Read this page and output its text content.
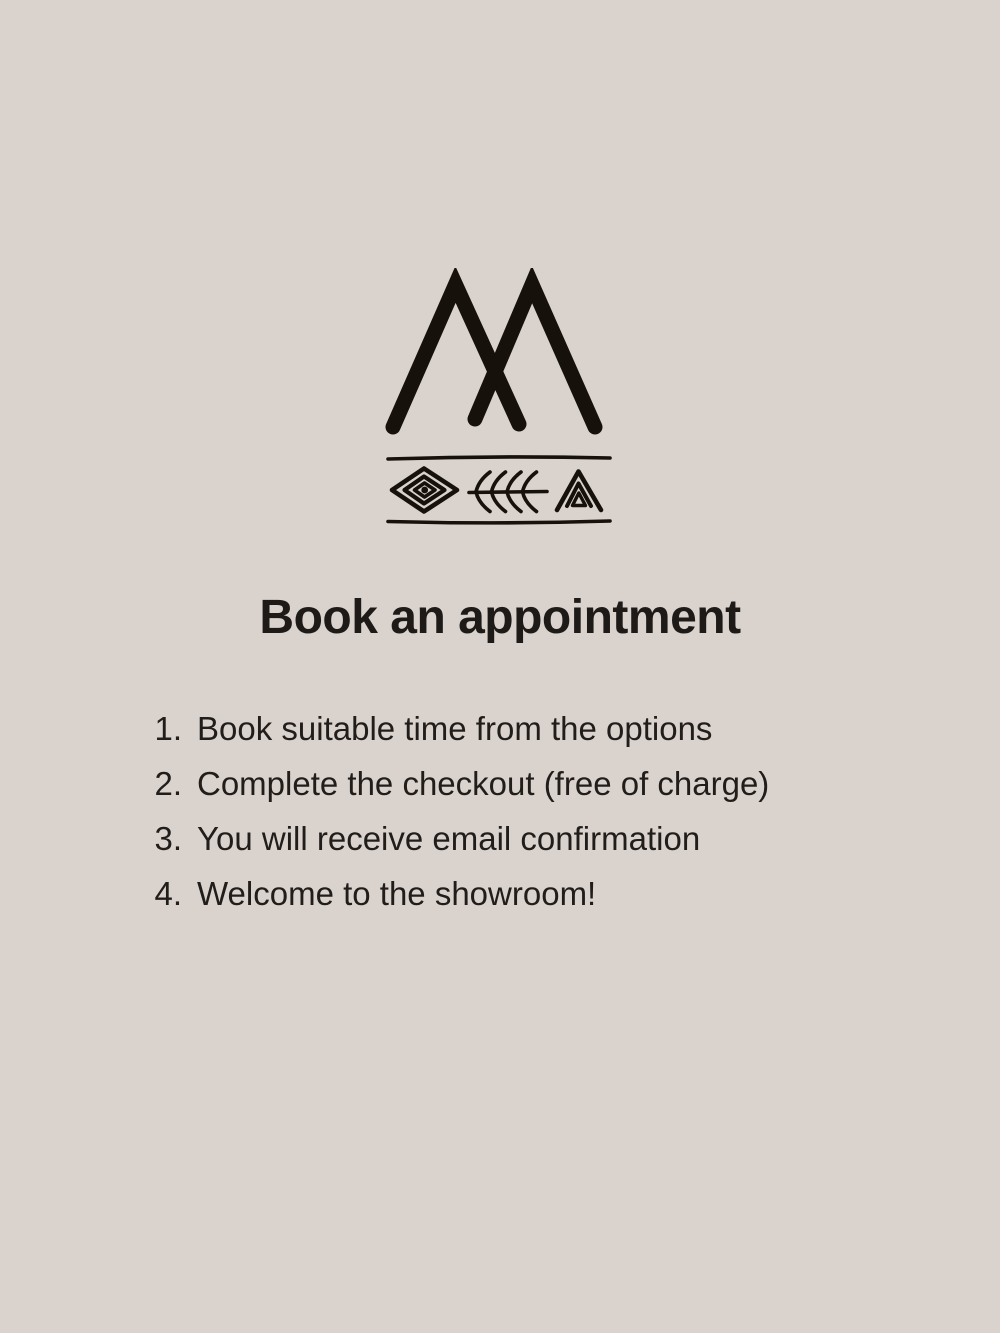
Book an appointment
1. Book suitable time from the options
2. Complete the checkout (free of charge)
3. You will receive email confirmation
4. Welcome to the showroom!
